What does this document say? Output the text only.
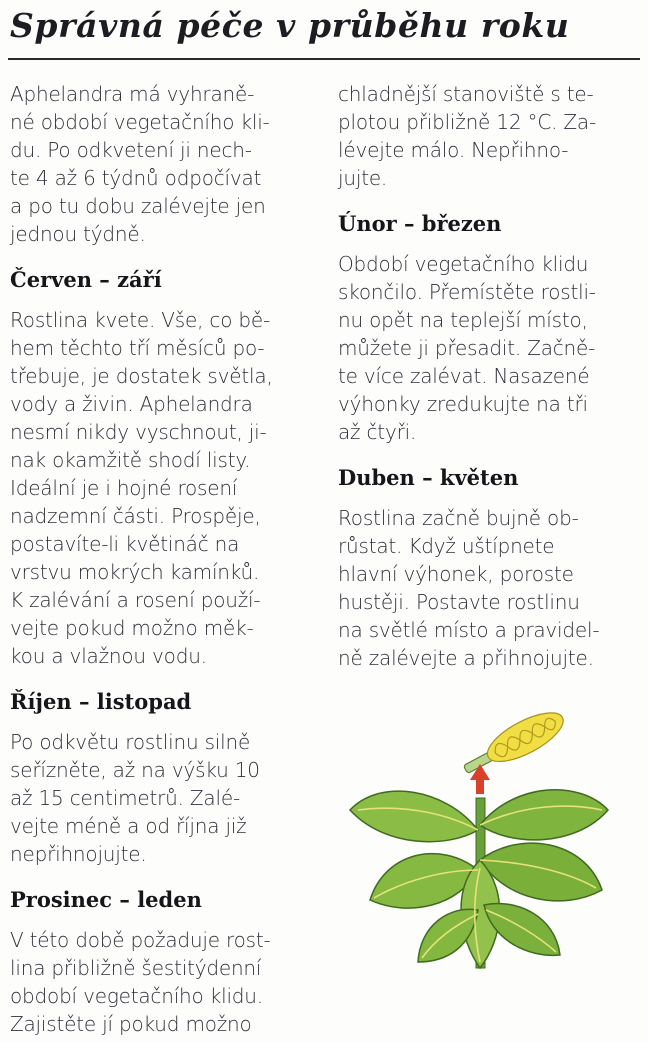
Správná péče v průběhu roku

Aphelandra má vyhraně-

né období vegetačního kli-

du. Po odkvetení ji nech-

te 4 až 6 týdnů odpočívat

a po tu dobu zalévejte jen

jednou týdně.

Červen – září

Rostlina kvete. Vše, co bě-

hem těchto tří měsíců po-

třebuje, je dostatek světla,

vody a živin. Aphelandra

nesmí nikdy vyschnout, ji-

nak okamžitě shodí listy.

Ideální je i hojné rosení

nadzemní části. Prospěje,

postavíte-li květináč na

vrstvu mokrých kamínků.

K zalévání a rosení použí-

vejte pokud možno měk-

kou a vlažnou vodu.

Říjen – listopad

Po odkvětu rostlinu silně

seřízněte, až na výšku 10

až 15 centimetrů. Zalé-

vejte méně a od října již

nepřihnojujte.

Prosinec – leden

V této době požaduje rost-

lina přibližně šestitýdenní

období vegetačního klidu.

Zajistěte jí pokud možno

chladnější stanoviště s te-

plotou přibližně 12 °C. Za-

lévejte málo. Nepřihno-

jujte.

Únor – březen

Období vegetačního klidu

skončilo. Přemístěte rostli-

nu opět na teplejší místo,

můžete ji přesadit. Začně-

te více zalévat. Nasazené

výhonky zredukujte na tři

až čtyři.

Duben – květen

Rostlina začně bujně ob-

růstat. Když uštípnete

hlavní výhonek, poroste

hustěji. Postavte rostlinu

na světlé místo a pravidel-

ně zalévejte a přihnojujte.
